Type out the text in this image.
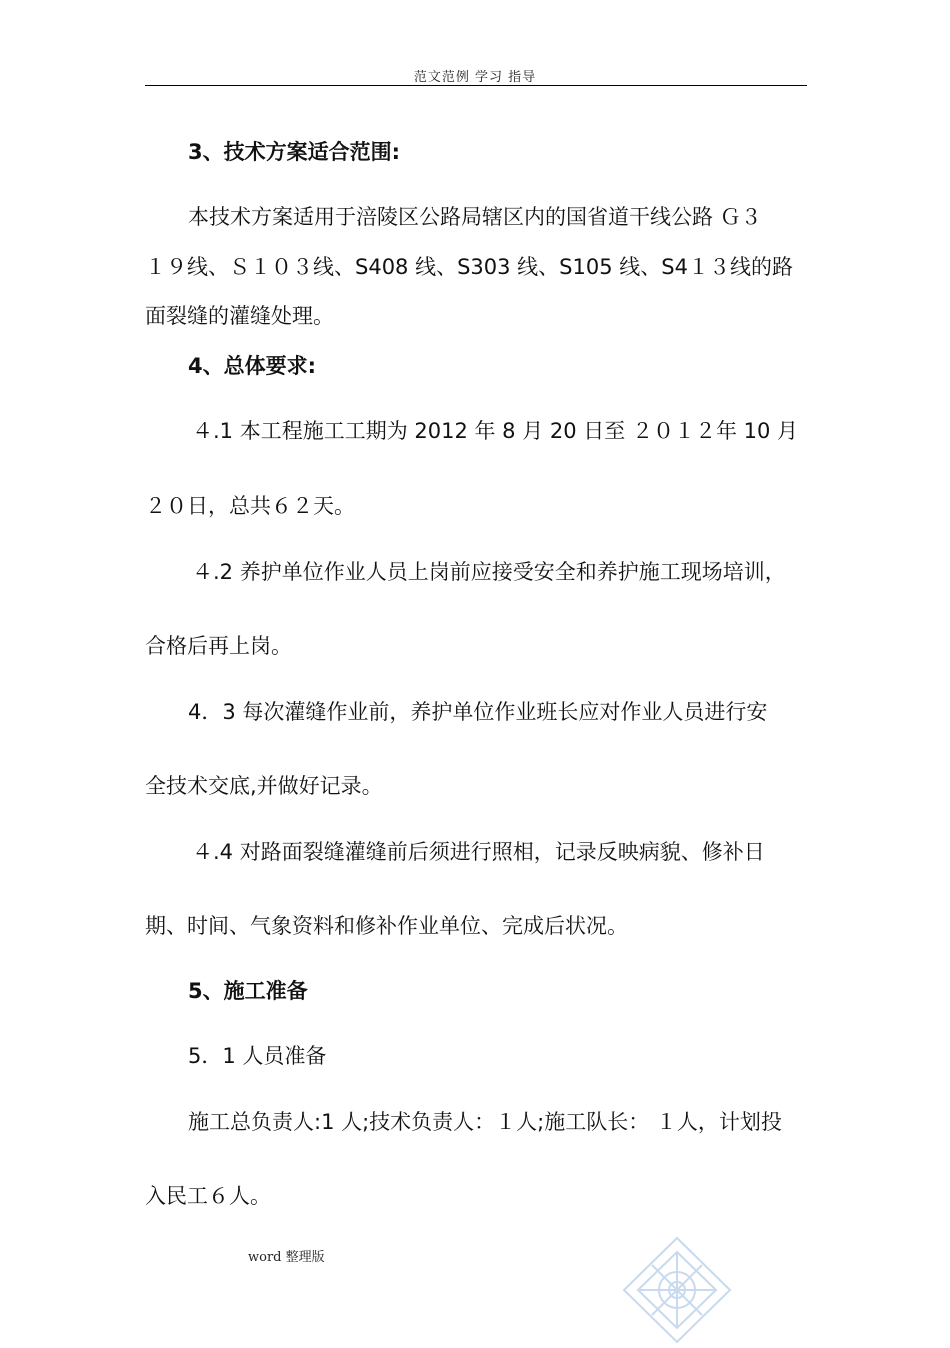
范文范例 学习 指导
3、技术方案适合范围:
本技术方案适用于涪陵区公路局辖区内的国省道干线公路 Ｇ３
１９线、Ｓ１０３线、S408 线、S303 线、S105 线、S4１３线的路
面裂缝的灌缝处理。
4、总体要求:
４.1 本工程施工工期为 2012 年 8 月 20 日至 ２０１２年 10 月
２０日，总共６２天。
４.2 养护单位作业人员上岗前应接受安全和养护施工现场培训，
合格后再上岗。
4．3 每次灌缝作业前，养护单位作业班长应对作业人员进行安
全技术交底,并做好记录。
４.4 对路面裂缝灌缝前后须进行照相，记录反映病貌、修补日
期、时间、气象资料和修补作业单位、完成后状况。
5、施工准备
5．1 人员准备
施工总负责人:1 人;技术负责人：１人;施工队长： １人，计划投
入民工６人。
word 整理版
